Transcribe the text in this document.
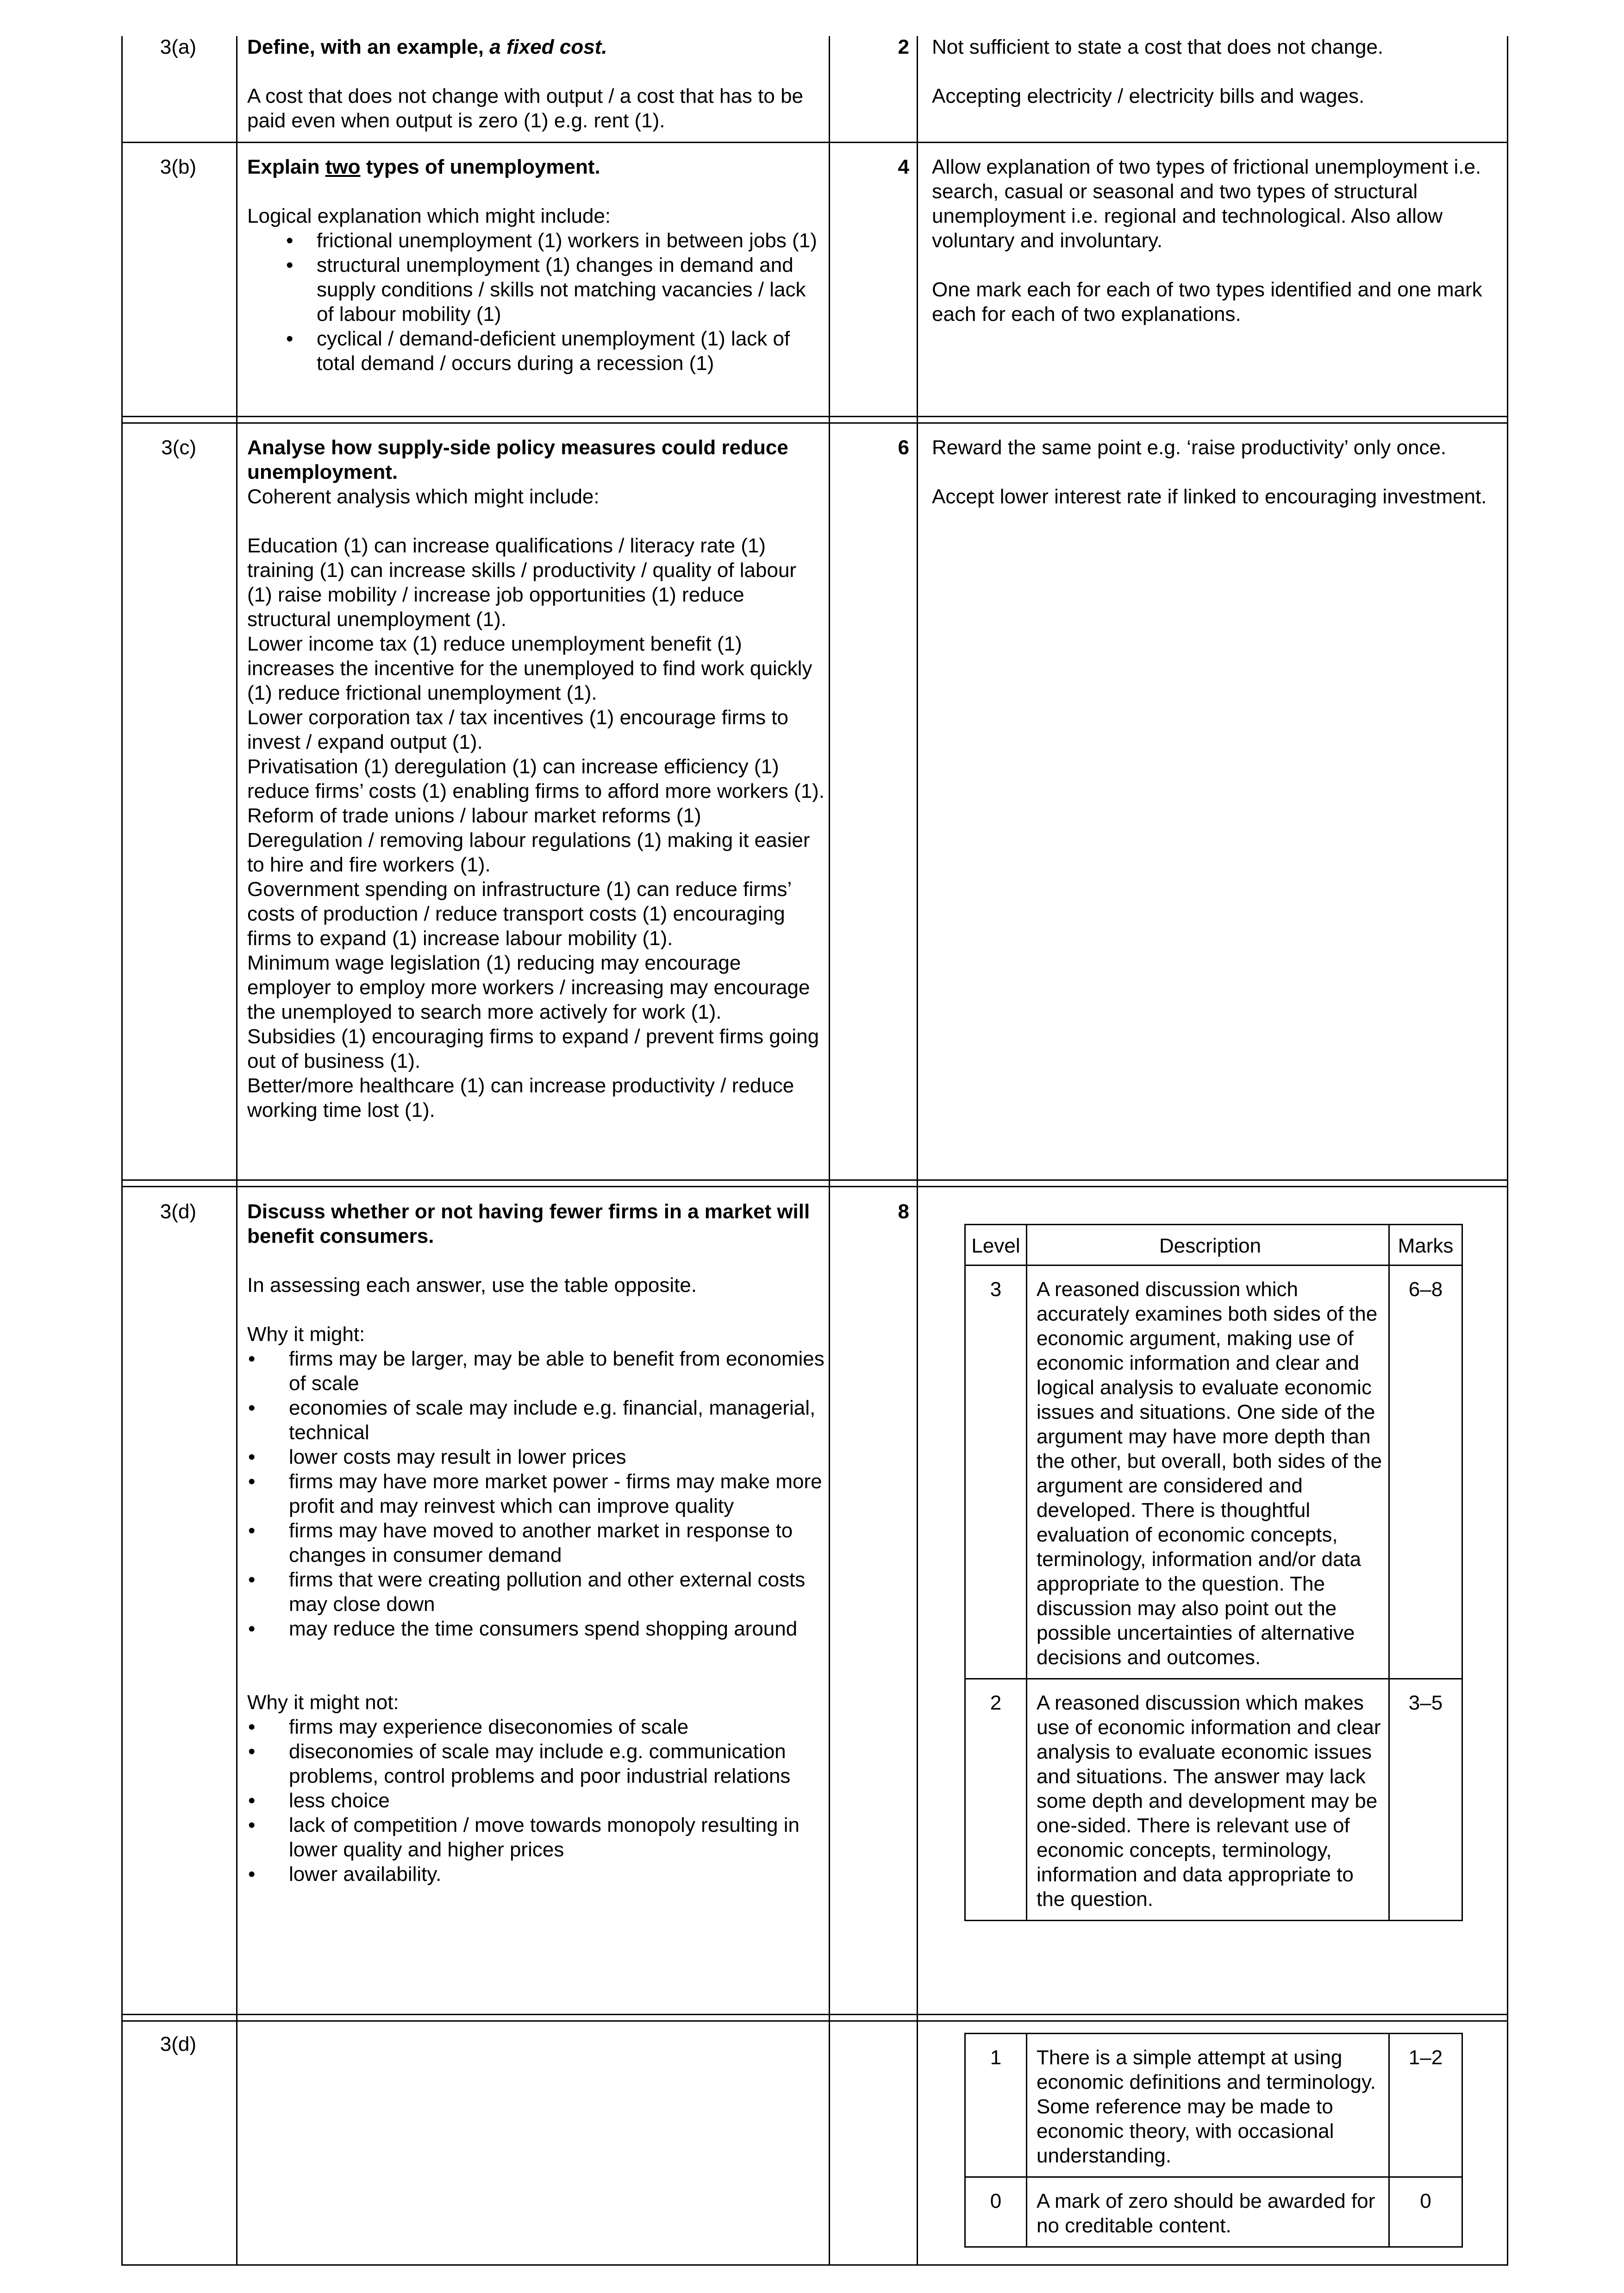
3(a)	Define, with an example, a fixed cost.
A cost that does not change with output / a cost that has to be paid even when output is zero (1) e.g. rent (1).
2 Not sufficient to state a cost that does not change.
Accepting electricity / electricity bills and wages.
3(b)	Explain two types of unemployment.
Logical explanation which might include:
• frictional unemployment (1) workers in between jobs (1)
• structural unemployment (1) changes in demand and supply conditions / skills not matching vacancies / lack of labour mobility (1)
• cyclical / demand-deficient unemployment (1) lack of total demand / occurs during a recession (1)
4 Allow explanation of two types of frictional unemployment i.e. search, casual or seasonal and two types of structural unemployment i.e. regional and technological. Also allow voluntary and involuntary.
One mark each for each of two types identified and one mark each for each of two explanations.
3(c)	Analyse how supply-side policy measures could reduce unemployment.
Coherent analysis which might include:
Education (1) can increase qualifications / literacy rate (1) training (1) can increase skills / productivity / quality of labour (1) raise mobility / increase job opportunities (1) reduce structural unemployment (1).
Lower income tax (1) reduce unemployment benefit (1) increases the incentive for the unemployed to find work quickly (1) reduce frictional unemployment (1).
Lower corporation tax / tax incentives (1) encourage firms to invest / expand output (1).
Privatisation (1) deregulation (1) can increase efficiency (1) reduce firms’ costs (1) enabling firms to afford more workers (1).
Reform of trade unions / labour market reforms (1)
Deregulation / removing labour regulations (1) making it easier to hire and fire workers (1).
Government spending on infrastructure (1) can reduce firms’ costs of production / reduce transport costs (1) encouraging firms to expand (1) increase labour mobility (1).
Minimum wage legislation (1) reducing may encourage employer to employ more workers / increasing may encourage the unemployed to search more actively for work (1).
Subsidies (1) encouraging firms to expand / prevent firms going out of business (1).
Better/more healthcare (1) can increase productivity / reduce working time lost (1).
6 Reward the same point e.g. ‘raise productivity’ only once.
Accept lower interest rate if linked to encouraging investment.
3(d)	Discuss whether or not having fewer firms in a market will benefit consumers.
In assessing each answer, use the table opposite.
Why it might:
• firms may be larger, may be able to benefit from economies of scale
• economies of scale may include e.g. financial, managerial, technical
• lower costs may result in lower prices
• firms may have more market power - firms may make more profit and may reinvest which can improve quality
• firms may have moved to another market in response to changes in consumer demand
• firms that were creating pollution and other external costs may close down
• may reduce the time consumers spend shopping around
Why it might not:
• firms may experience diseconomies of scale
• diseconomies of scale may include e.g. communication problems, control problems and poor industrial relations
• less choice
• lack of competition / move towards monopoly resulting in lower quality and higher prices
• lower availability.
8
Level	Description	Marks
3	A reasoned discussion which accurately examines both sides of the economic argument, making use of economic information and clear and logical analysis to evaluate economic issues and situations. One side of the argument may have more depth than the other, but overall, both sides of the argument are considered and developed. There is thoughtful evaluation of economic concepts, terminology, information and/or data appropriate to the question. The discussion may also point out the possible uncertainties of alternative decisions and outcomes.	6–8
2	A reasoned discussion which makes use of economic information and clear analysis to evaluate economic issues and situations. The answer may lack some depth and development may be one-sided. There is relevant use of economic concepts, terminology, information and data appropriate to the question.	3–5
3(d)
1	There is a simple attempt at using economic definitions and terminology. Some reference may be made to economic theory, with occasional understanding.	1–2
0	A mark of zero should be awarded for no creditable content.	0
